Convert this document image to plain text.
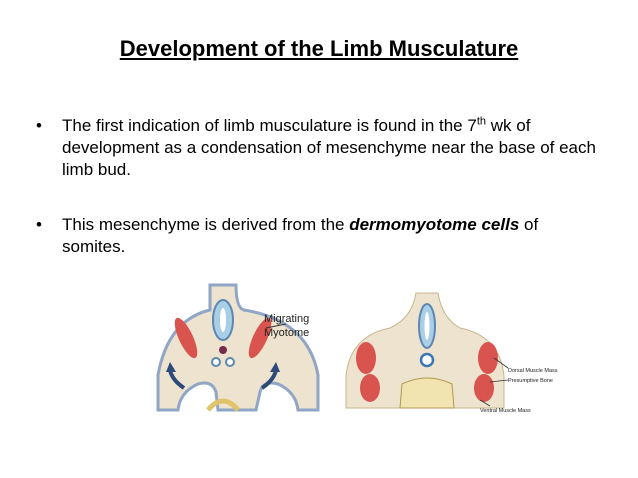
Development of the Limb Musculature
•	The first indication of limb musculature is found in the 7th wk of development as a condensation of mesenchyme near the base of each limb bud.
•	This mesenchyme is derived from the dermomyotome cells of somites.
Migrating
Myotome
Dorsal Muscle Mass
Presumptive Bone
Ventral Muscle Mass
